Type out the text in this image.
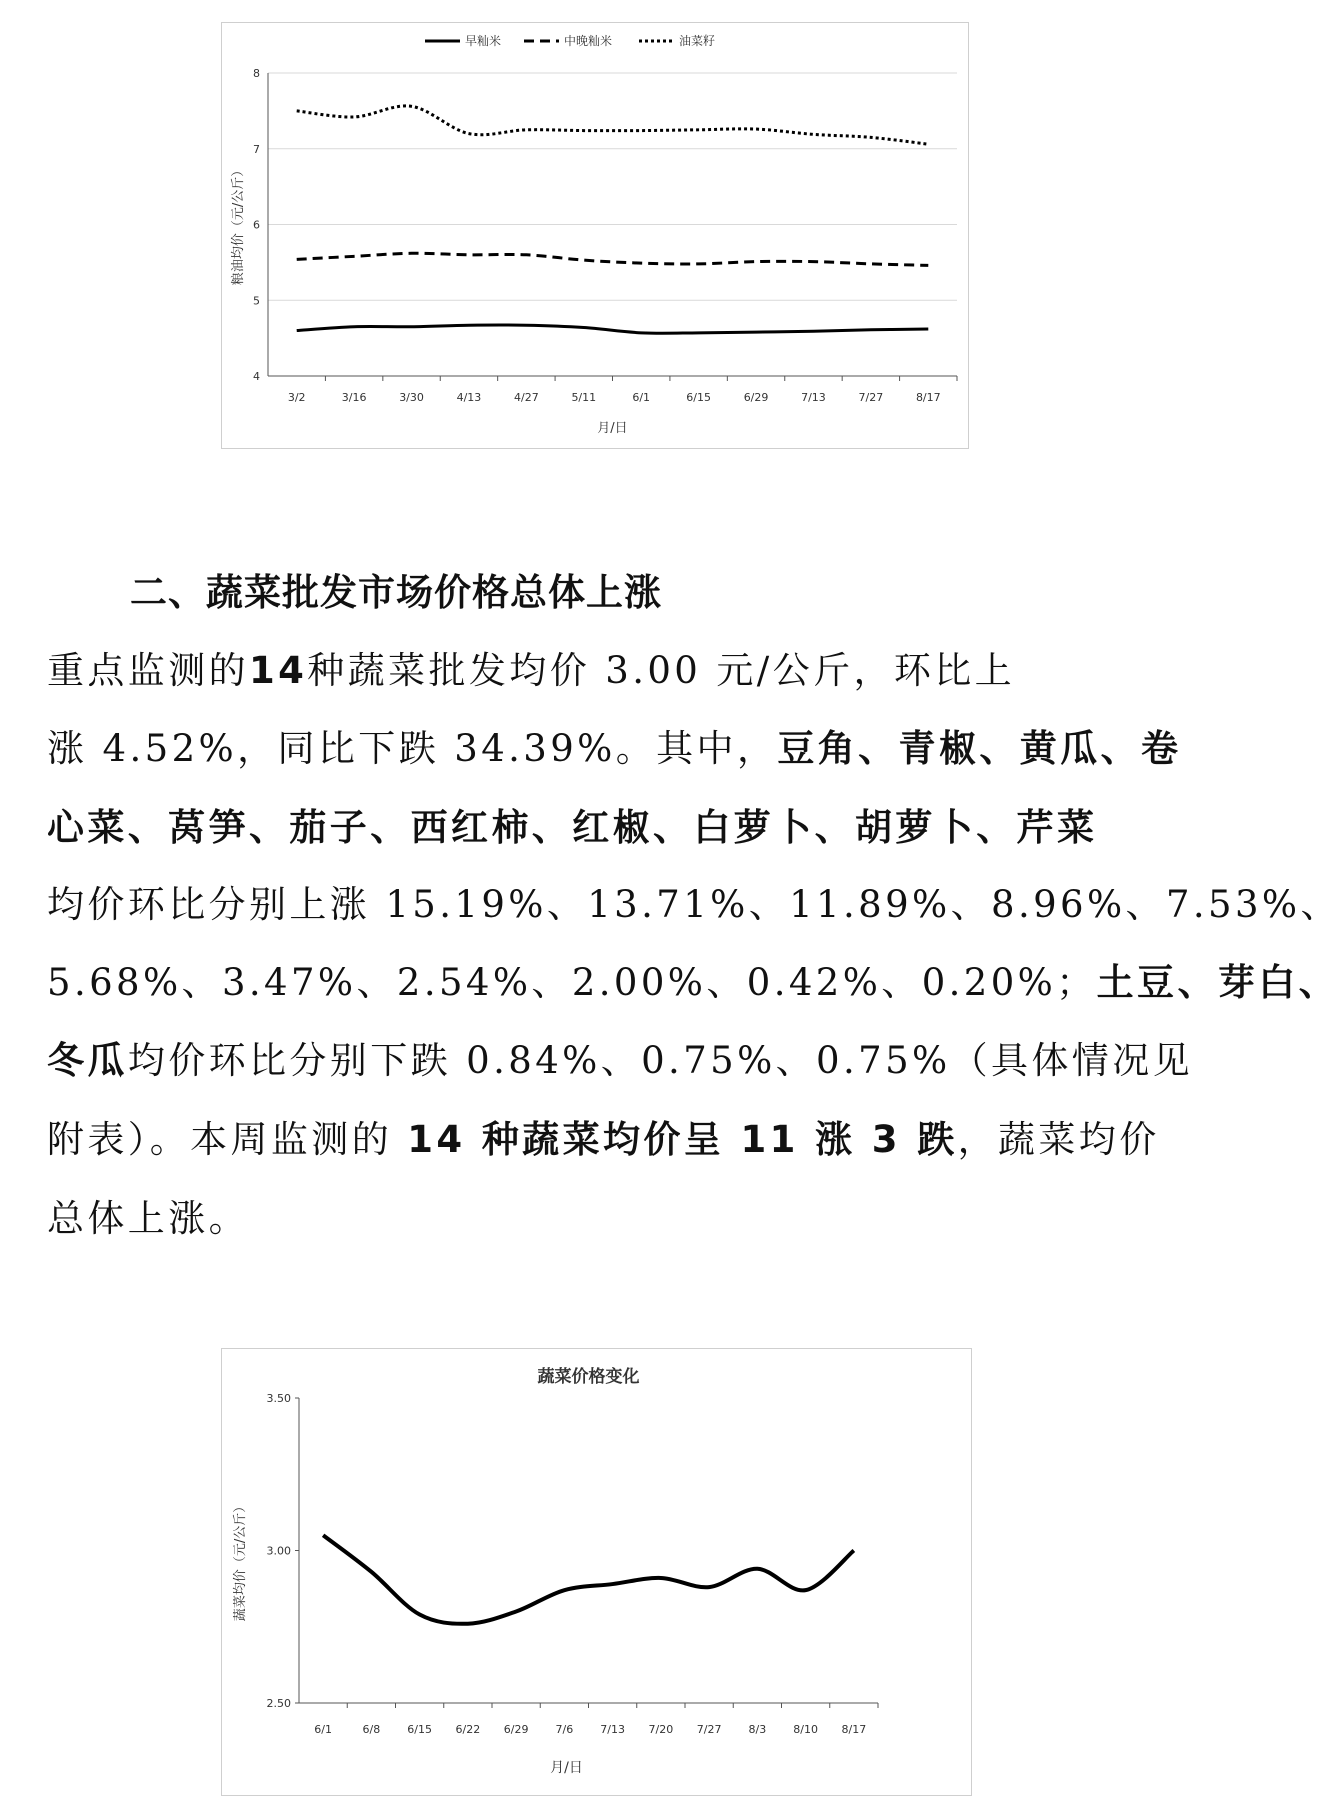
4
5
6
7
8
3/2	3/16	3/30	4/13	4/27	5/11	6/1	6/15	6/29	7/13	7/27	8/17
月/日
粮油均价（元/公斤）
早籼米	中晚籼米	油菜籽
二、蔬菜批发市场价格总体上涨
重点监测的14种蔬菜批发均价 3.00 元/公斤，环比上
涨 4.52%，同比下跌 34.39%。其中，豆角、青椒、黄瓜、卷
心菜、莴笋、茄子、西红柿、红椒、白萝卜、胡萝卜、芹菜
均价环比分别上涨 15.19%、13.71%、11.89%、8.96%、7.53%、
5.68%、3.47%、2.54%、2.00%、0.42%、0.20%；土豆、芽白、
冬瓜均价环比分别下跌 0.84%、0.75%、0.75%（具体情况见
附表）。本周监测的 14 种蔬菜均价呈 11 涨 3 跌，蔬菜均价
总体上涨。
蔬菜价格变化
2.50
3.00
3.50
6/1	6/8 6/15 6/22 6/29 7/6 7/13 7/20 7/27 8/3 8/10 8/17
月/日
蔬菜均价（元/公斤）
